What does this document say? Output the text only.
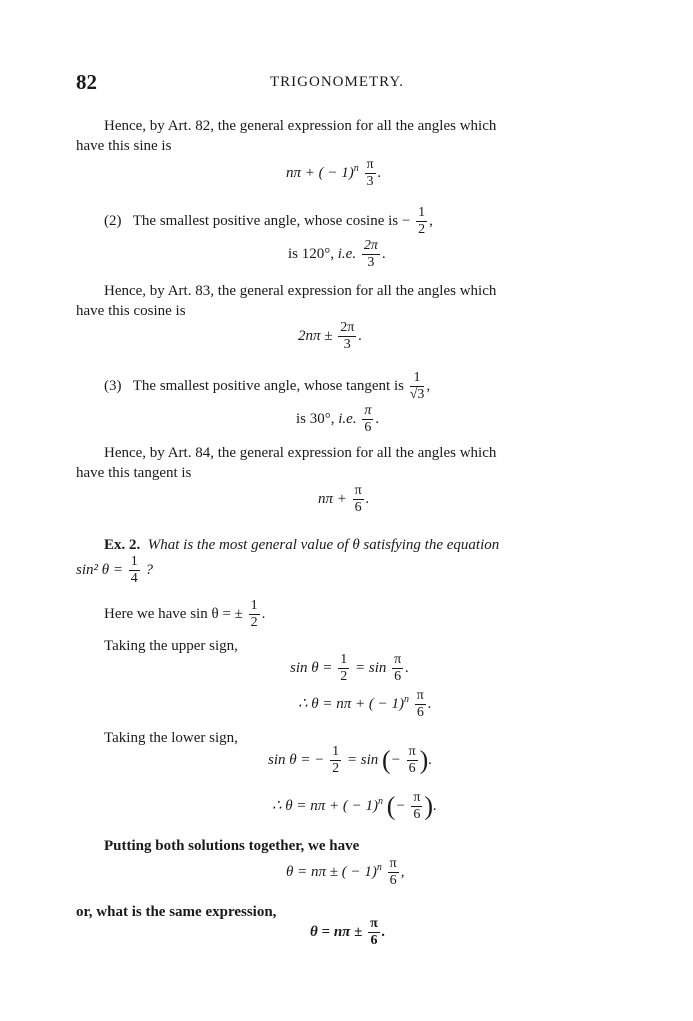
82	TRIGONOMETRY.
Hence, by Art. 82, the general expression for all the angles which
have this sine is
nπ + ( − $1)^n \frac{\pi}{3}$ .
(2) The smallest positive angle, whose cosine is − $\frac{1}{2}$ ,
is 120°, i.e. $\frac{2\pi}{3}$ .
Hence, by Art. 83, the general expression for all the angles which
have this cosine is
$2n\pi \pm \frac{2\pi}{3}$ .
(3) The smallest positive angle, whose tangent is $\frac{1}{√3}$ ,
is 30°, i.e. $\frac{\pi}{6}$ .
Hence, by Art. 84, the general expression for all the angles which
have this tangent is
$n\pi + \frac{\pi}{6}$ .
Ex. 2. What is the most general value of θ satisfying the equation
sin² $\theta = \frac{1}{4}$ ?
Here we have sin θ = ± $\frac{1}{2}$ .
Taking the upper sign,
$\sin \theta = \frac{1}{2} = \sin \frac{\pi}{6}$ .
∴ θ = nπ + ( − $1)^n \frac{\pi}{6}$ .
Taking the lower sign,
sin θ = − $\frac{1}{2} = \sin$ (− $\frac{\pi}{6}$ ).
∴ θ = nπ + ( − 1)$^n$ (− $\frac{\pi}{6}$ ).
Putting both solutions together, we have
θ = nπ ± ( − $1)^n \frac{\pi}{6}$ ,
or, what is the same expression,
$\theta = n\pi \pm \frac{\pi}{6}$ .
